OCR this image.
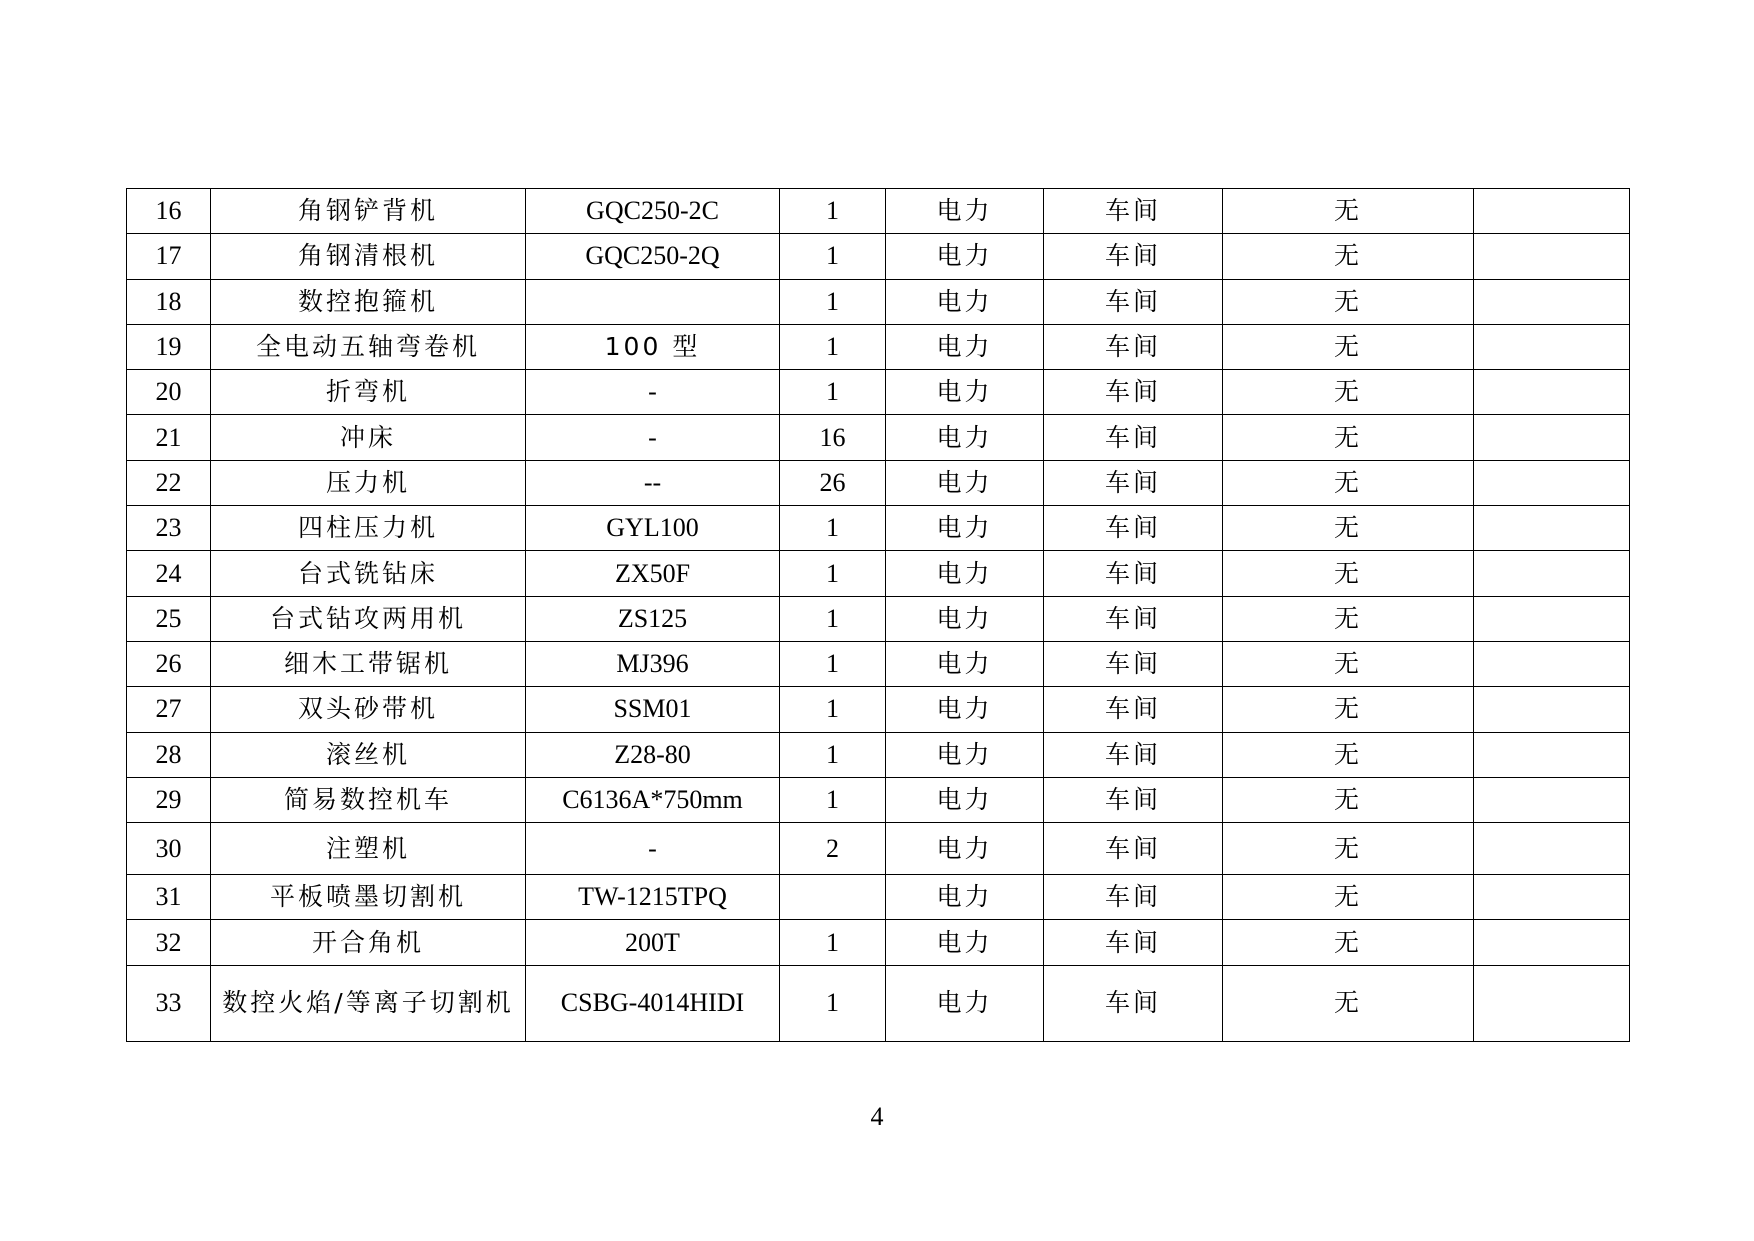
16	角钢铲背机	GQC250-2C	1	电力	车间	无	
17	角钢清根机	GQC250-2Q	1	电力	车间	无	
18	数控抱箍机		1	电力	车间	无	
19	全电动五轴弯卷机	100 型	1	电力	车间	无	
20	折弯机	-	1	电力	车间	无	
21	冲床	-	16	电力	车间	无	
22	压力机	--	26	电力	车间	无	
23	四柱压力机	GYL100	1	电力	车间	无	
24	台式铣钻床	ZX50F	1	电力	车间	无	
25	台式钻攻两用机	ZS125	1	电力	车间	无	
26	细木工带锯机	MJ396	1	电力	车间	无	
27	双头砂带机	SSM01	1	电力	车间	无	
28	滚丝机	Z28-80	1	电力	车间	无	
29	简易数控机车	C6136A*750mm	1	电力	车间	无	
30	注塑机	-	2	电力	车间	无	
31	平板喷墨切割机	TW-1215TPQ		电力	车间	无	
32	开合角机	200T	1	电力	车间	无	
33	数控火焰/等离子切割机	CSBG-4014HIDI	1	电力	车间	无	
4
